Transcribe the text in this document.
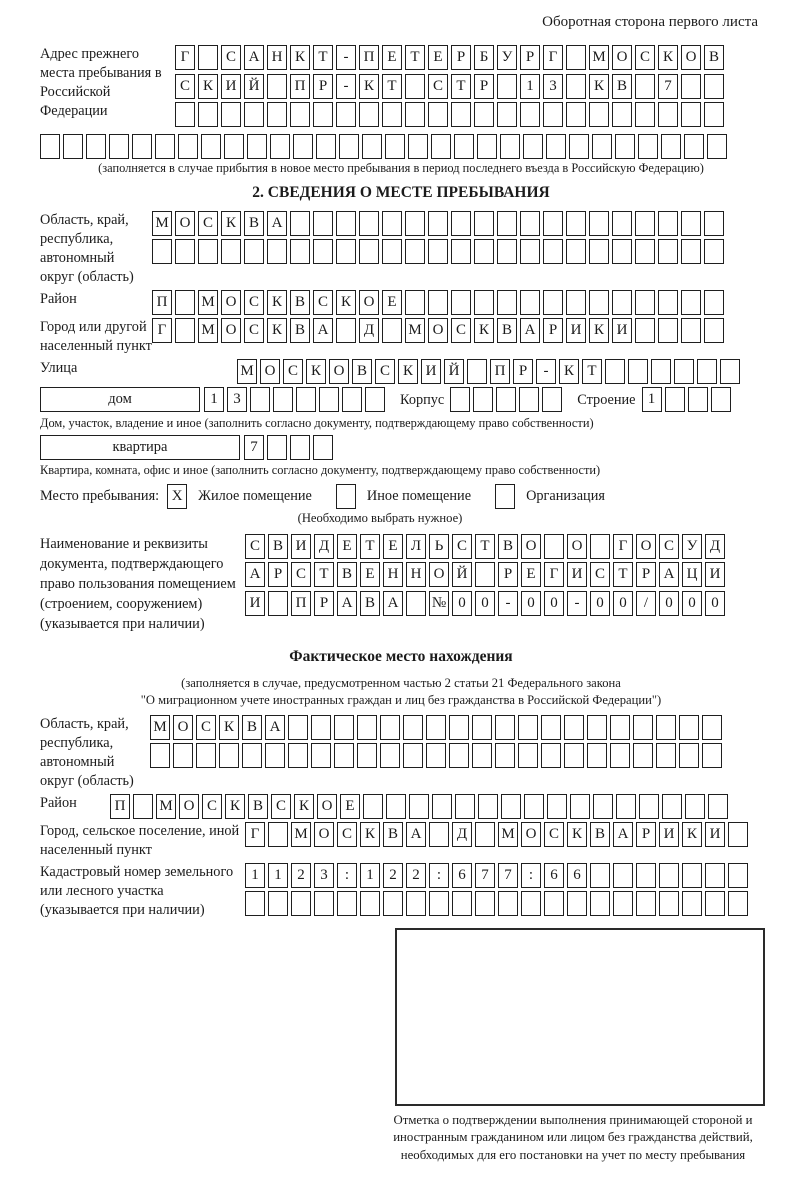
Оборотная сторона первого листа
Адрес прежнего места пребывания в Российской Федерации
Г	С А Н К Т	-	П Е Т Е Р Б У Р Г	М О С К О В
С К И Й	П Р	-	К Т	С Т Р	1	3	К В	7
(заполняется в случае прибытия в новое место пребывания в период последнего въезда в Российскую Федерацию)
2. СВЕДЕНИЯ О МЕСТЕ ПРЕБЫВАНИЯ
Область, край, республика, автономный округ (область)
М О С К В А
Район	П	М О С К В С К О Е
Город или другой населенный пункт
Г	М О С К В А	Д	М О С К В А Р И К И
Улица	М О С К О В С К И Й	П Р	-	К Т
дом	1	3	Корпус	Строение 1
Дом, участок, владение и иное (заполнить согласно документу, подтверждающему право собственности)
квартира	7
Квартира, комната, офис и иное (заполнить согласно документу, подтверждающему право собственности)
Место пребывания: X	Жилое помещение	Иное помещение	Организация
(Необходимо выбрать нужное)
Наименование и реквизиты документа, подтверждающего право пользования помещением (строением, сооружением) (указывается при наличии)
С В И Д Е Т Е Л Ь С Т В О	О	Г О С У Д
А Р С Т В Е Н Н О Й	Р Е Г И С Т Р А Ц И
И	П Р А В А	№ 0	0	-	0	0	-	0	0	/	0	0	0
Фактическое место нахождения
(заполняется в случае, предусмотренном частью 2 статьи 21 Федерального закона
"О миграционном учете иностранных граждан и лиц без гражданства в Российской Федерации")
Область, край, республика, автономный округ (область)
М О С К В А
Район	П	М О С К В С К О Е
Город, сельское поселение, иной населенный пункт
Г	М О С К В А	Д	М О С К В А Р И К И
Кадастровый номер земельного или лесного участка (указывается при наличии)
1	1	2	3	:	1	2	2	:	6	7	7	:	6	6
Отметка о подтверждении выполнения принимающей стороной и иностранным гражданином или лицом без гражданства действий, необходимых для его постановки на учет по месту пребывания
